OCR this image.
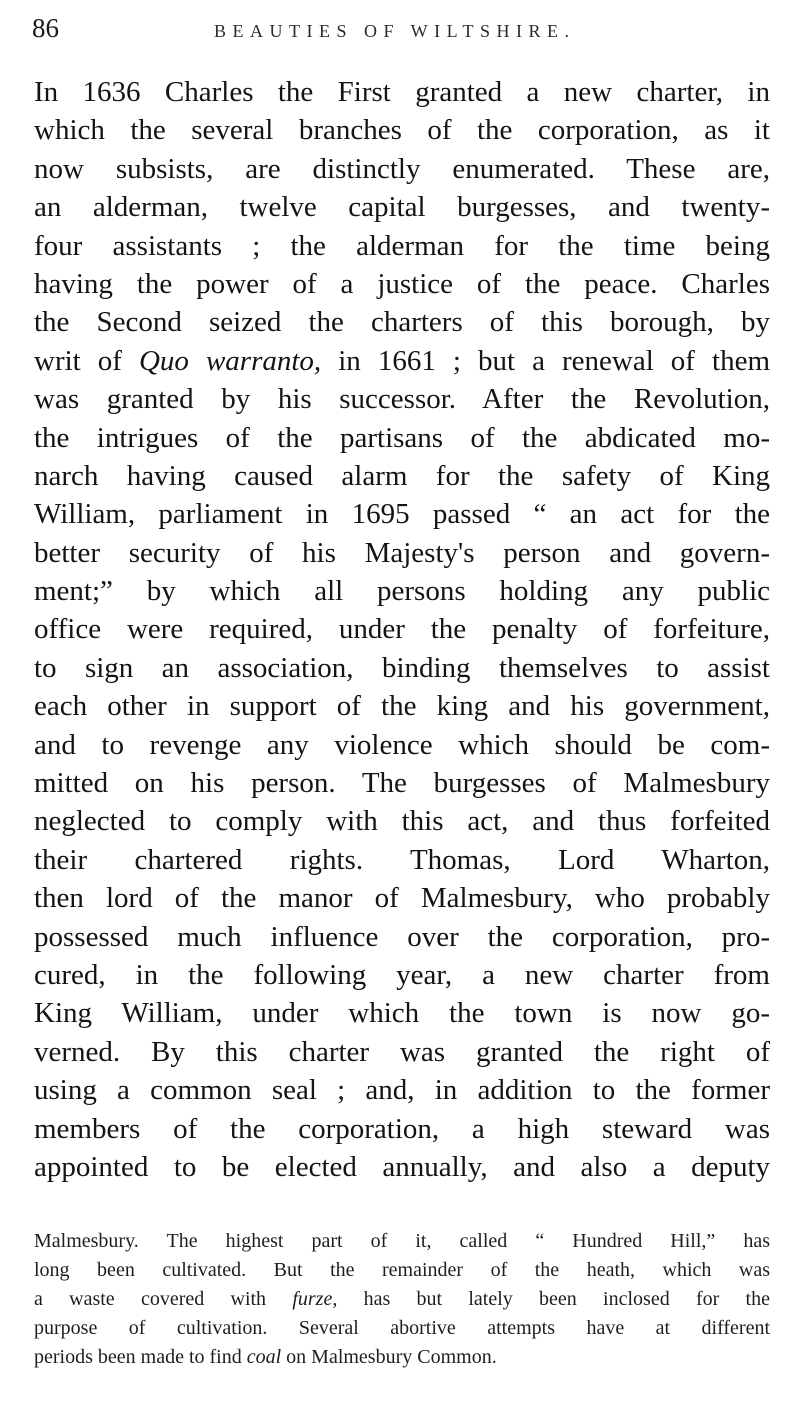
86	BEAUTIES OF WILTSHIRE.
In 1636 Charles the First granted a new charter, in
which the several branches of the corporation, as it
now subsists, are distinctly enumerated. These are,
an alderman, twelve capital burgesses, and twenty-
four assistants ; the alderman for the time being
having the power of a justice of the peace. Charles
the Second seized the charters of this borough, by
writ of Quo warranto, in 1661 ; but a renewal of them
was granted by his successor. After the Revolution,
the intrigues of the partisans of the abdicated mo-
narch having caused alarm for the safety of King
William, parliament in 1695 passed “ an act for the
better security of his Majesty's person and govern-
ment;” by which all persons holding any public
office were required, under the penalty of forfeiture,
to sign an association, binding themselves to assist
each other in support of the king and his government,
and to revenge any violence which should be com-
mitted on his person. The burgesses of Malmesbury
neglected to comply with this act, and thus forfeited
their chartered rights. Thomas, Lord Wharton,
then lord of the manor of Malmesbury, who probably
possessed much influence over the corporation, pro-
cured, in the following year, a new charter from
King William, under which the town is now go-
verned. By this charter was granted the right of
using a common seal ; and, in addition to the former
members of the corporation, a high steward was
appointed to be elected annually, and also a deputy
Malmesbury. The highest part of it, called “ Hundred Hill,” has
long been cultivated. But the remainder of the heath, which was
a waste covered with furze, has but lately been inclosed for the
purpose of cultivation. Several abortive attempts have at different
periods been made to find coal on Malmesbury Common.
